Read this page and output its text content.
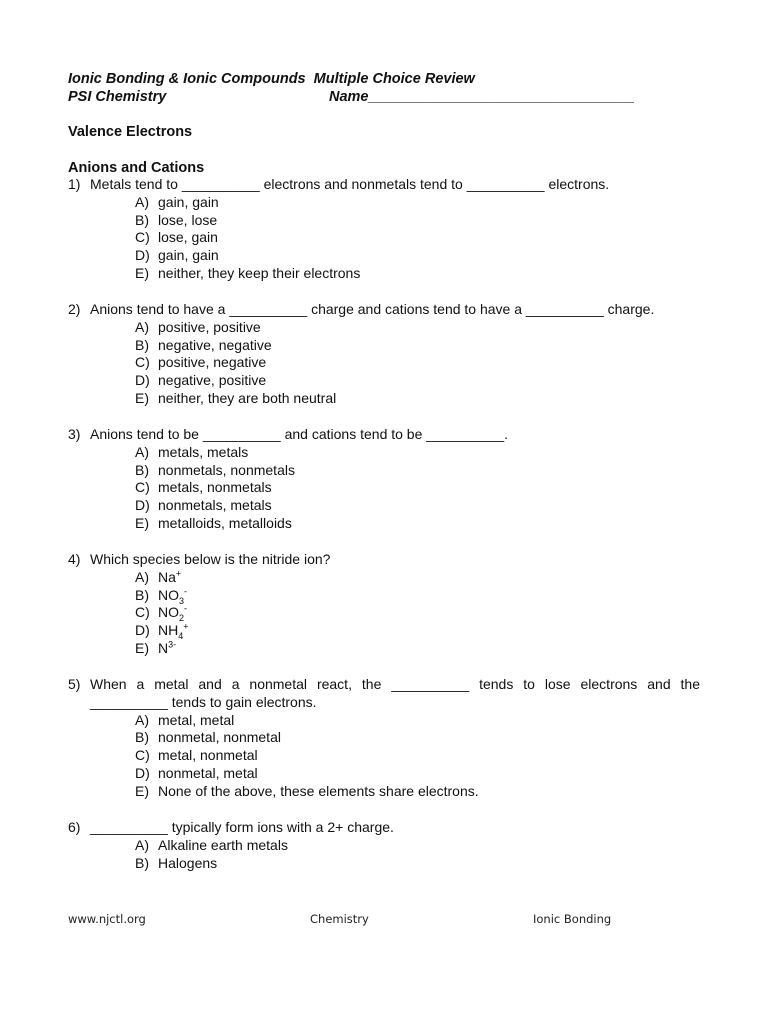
Ionic Bonding & Ionic Compounds  Multiple Choice Review
PSI Chemistry	Name_________________________________
Valence Electrons
Anions and Cations
1) Metals tend to __________ electrons and nonmetals tend to __________ electrons.
A) gain, gain
B) lose, lose
C) lose, gain
D) gain, gain
E) neither, they keep their electrons
2) Anions tend to have a __________ charge and cations tend to have a __________ charge.
A) positive, positive
B) negative, negative
C) positive, negative
D) negative, positive
E) neither, they are both neutral
3) Anions tend to be __________ and cations tend to be __________.
A) metals, metals
B) nonmetals, nonmetals
C) metals, nonmetals
D) nonmetals, metals
E) metalloids, metalloids
4) Which species below is the nitride ion?
A) Na+
B) $NO_3^-$
C) $NO_2^-$
D) $NH_4^+$
E) $N^{3-}$
5) When a metal and a nonmetal react, the __________ tends to lose electrons and the
__________ tends to gain electrons.
A) metal, metal
B) nonmetal, nonmetal
C) metal, nonmetal
D) nonmetal, metal
E) None of the above, these elements share electrons.
6) __________ typically form ions with a 2+ charge.
A) Alkaline earth metals
B) Halogens
www.njctl.org	Chemistry	Ionic Bonding
